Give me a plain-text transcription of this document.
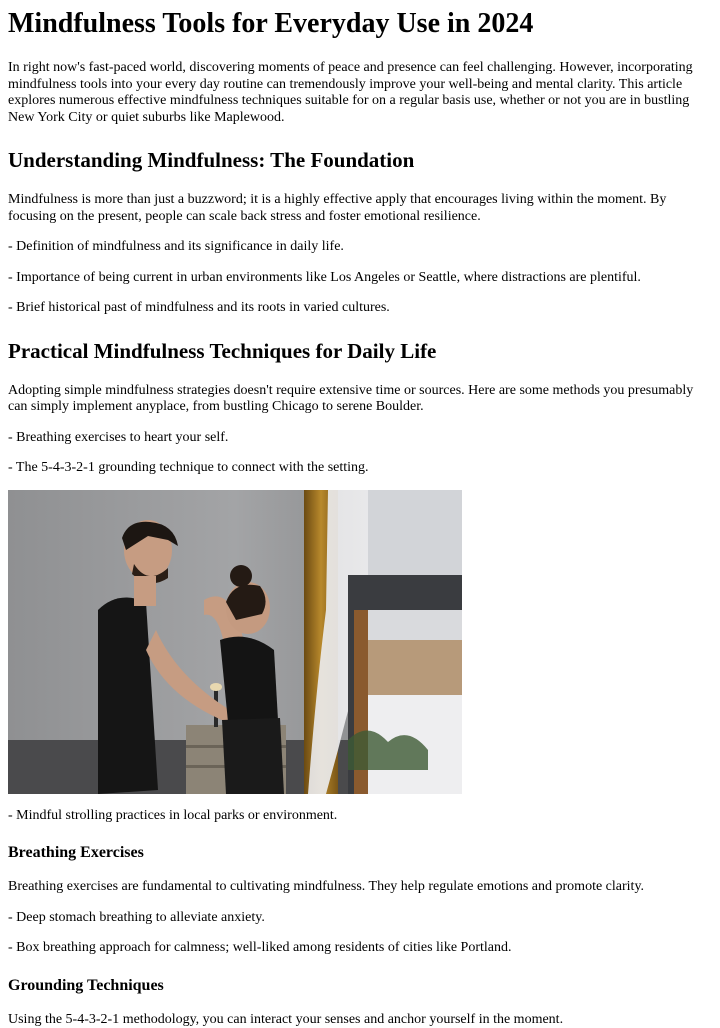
Mindfulness Tools for Everyday Use in 2024

In right now's fast-paced world, discovering moments of peace and presence can feel challenging. However, incorporating mindfulness tools into your every day routine can tremendously improve your well-being and mental clarity. This article explores numerous effective mindfulness techniques suitable for on a regular basis use, whether or not you are in bustling New York City or quiet suburbs like Maplewood.

Understanding Mindfulness: The Foundation

Mindfulness is more than just a buzzword; it is a highly effective apply that encourages living within the moment. By focusing on the present, people can scale back stress and foster emotional resilience.

- Definition of mindfulness and its significance in daily life.

- Importance of being current in urban environments like Los Angeles or Seattle, where distractions are plentiful.

- Brief historical past of mindfulness and its roots in varied cultures.

Practical Mindfulness Techniques for Daily Life

Adopting simple mindfulness strategies doesn't require extensive time or sources. Here are some methods you presumably can simply implement anyplace, from bustling Chicago to serene Boulder.

- Breathing exercises to heart your self.

- The 5-4-3-2-1 grounding technique to connect with the setting.

- Mindful strolling practices in local parks or environment.

Breathing Exercises

Breathing exercises are fundamental to cultivating mindfulness. They help regulate emotions and promote clarity.

- Deep stomach breathing to alleviate anxiety.

- Box breathing approach for calmness; well-liked among residents of cities like Portland.

Grounding Techniques

Using the 5-4-3-2-1 methodology, you can interact your senses and anchor yourself in the moment.
